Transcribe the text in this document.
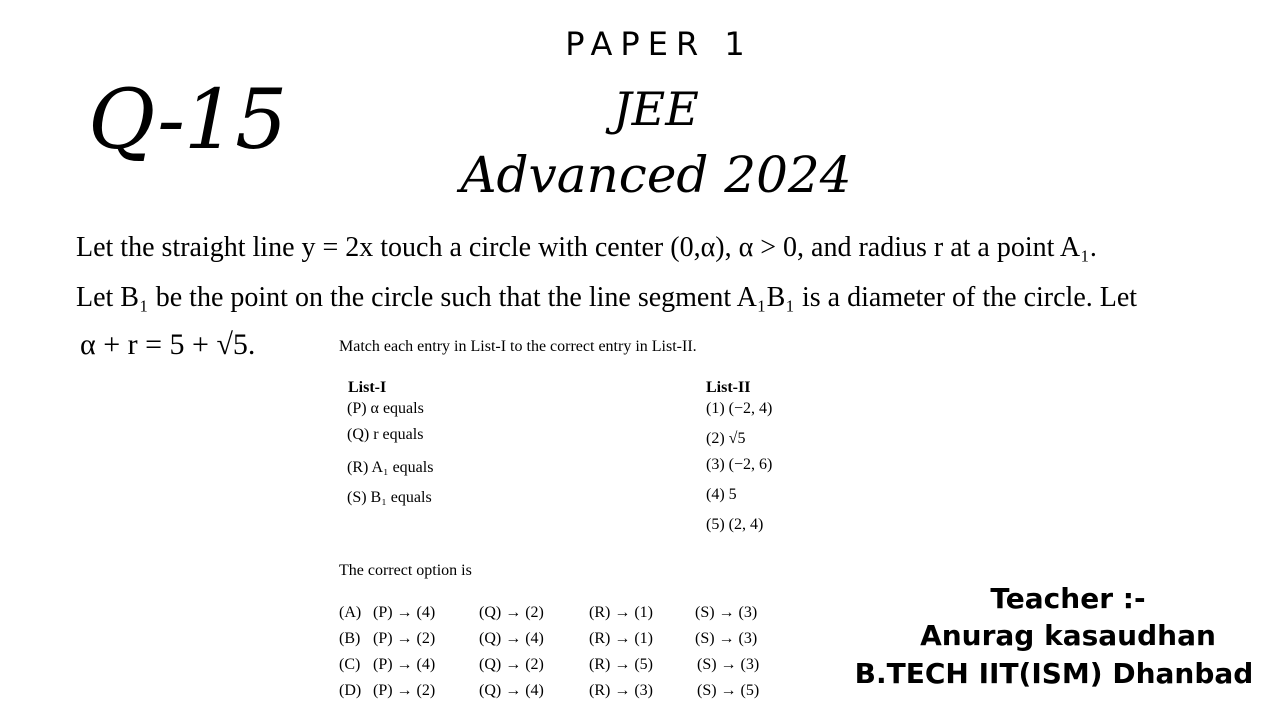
Q-15
PAPER 1
JEE
Advanced 2024
Let the straight line y = 2x touch a circle with center (0,α), α > 0, and radius r at a point A₁.
Let B₁ be the point on the circle such that the line segment A₁B₁ is a diameter of the circle. Let
α + r = 5 + √5.	Match each entry in List-I to the correct entry in List-II.
List-I	List-II
(P) α equals
(Q) r equals
(R) A₁ equals
(S) B₁ equals
(1) (−2, 4)
(2) √5
(3) (−2, 6)
(4) 5
(5) (2, 4)
The correct option is
(A) (P) → (4)	(Q) → (2)	(R) → (1)	(S) → (3)
(B) (P) → (2)	(Q) → (4)	(R) → (1)	(S) → (3)
(C) (P) → (4)	(Q) → (2)	(R) → (5)	(S) → (3)
(D) (P) → (2)	(Q) → (4)	(R) → (3)	(S) → (5)
Teacher :-
Anurag kasaudhan
B.TECH IIT(ISM) Dhanbad
